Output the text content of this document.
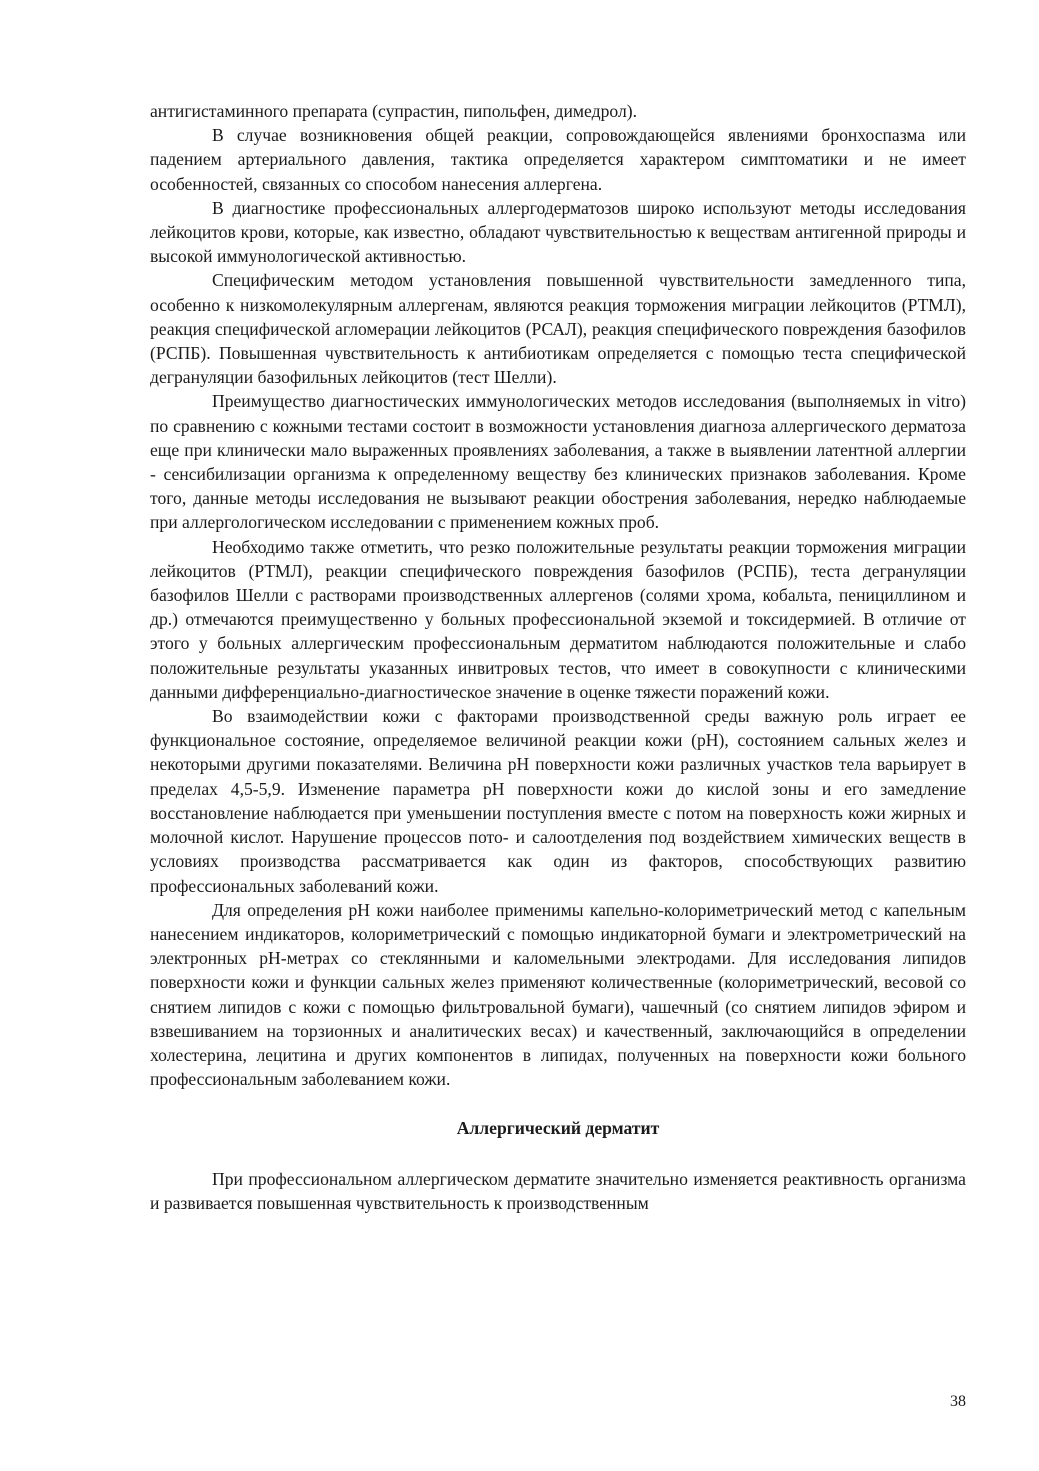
антигистаминного препарата (супрастин, пипольфен, димедрол).

В случае возникновения общей реакции, сопровождающейся явлениями бронхоспазма или падением артериального давления, тактика определяется характером симптоматики и не имеет особенностей, связанных со способом нанесения аллергена.

В диагностике профессиональных аллергодерматозов широко используют методы исследования лейкоцитов крови, которые, как известно, обладают чувствительностью к веществам антигенной природы и высокой иммунологической активностью.

Специфическим методом установления повышенной чувствительности замедленного типа, особенно к низкомолекулярным аллергенам, являются реакция торможения миграции лейкоцитов (РТМЛ), реакция специфической агломерации лейкоцитов (РСАЛ), реакция специфического повреждения базофилов (РСПБ). Повышенная чувствительность к антибиотикам определяется с помощью теста специфической дегрануляции базофильных лейкоцитов (тест Шелли).

Преимущество диагностических иммунологических методов исследования (выполняемых in vitro) по сравнению с кожными тестами состоит в возможности установления диагноза аллергического дерматоза еще при клинически мало выраженных проявлениях заболевания, а также в выявлении латентной аллергии - сенсибилизации организма к определенному веществу без клинических признаков заболевания. Кроме того, данные методы исследования не вызывают реакции обострения заболевания, нередко наблюдаемые при аллергологическом исследовании с применением кожных проб.

Необходимо также отметить, что резко положительные результаты реакции торможения миграции лейкоцитов (РТМЛ), реакции специфического повреждения базофилов (РСПБ), теста дегрануляции базофилов Шелли с растворами производственных аллергенов (солями хрома, кобальта, пенициллином и др.) отмечаются преимущественно у больных профессиональной экземой и токсидермией. В отличие от этого у больных аллергическим профессиональным дерматитом наблюдаются положительные и слабо положительные результаты указанных инвитровых тестов, что имеет в совокупности с клиническими данными дифференциально-диагностическое значение в оценке тяжести поражений кожи.

Во взаимодействии кожи с факторами производственной среды важную роль играет ее функциональное состояние, определяемое величиной реакции кожи (pH), состоянием сальных желез и некоторыми другими показателями. Величина pH поверхности кожи различных участков тела варьирует в пределах 4,5-5,9. Изменение параметра pH поверхности кожи до кислой зоны и его замедление восстановление наблюдается при уменьшении поступления вместе с потом на поверхность кожи жирных и молочной кислот. Нарушение процессов пото- и салоотделения под воздействием химических веществ в условиях производства рассматривается как один из факторов, способствующих развитию профессиональных заболеваний кожи.

Для определения pH кожи наиболее применимы капельно-колориметрический метод с капельным нанесением индикаторов, колориметрический с помощью индикаторной бумаги и электрометрический на электронных pH-метрах со стеклянными и каломельными электродами. Для исследования липидов поверхности кожи и функции сальных желез применяют количественные (колориметрический, весовой со снятием липидов с кожи с помощью фильтровальной бумаги), чашечный (со снятием липидов эфиром и взвешиванием на торзионных и аналитических весах) и качественный, заключающийся в определении холестерина, лецитина и других компонентов в липидах, полученных на поверхности кожи больного профессиональным заболеванием кожи.

Аллергический дерматит

При профессиональном аллергическом дерматите значительно изменяется реактивность организма и развивается повышенная чувствительность к производственным

38
